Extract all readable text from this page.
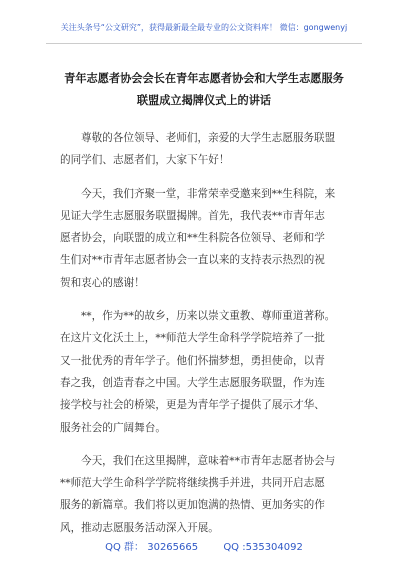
关注头条号“公文研究”，获得最新最全最专业的公文资料库！ 微信：gongwenyj
青年志愿者协会会长在青年志愿者协会和大学生志愿服务
联盟成立揭牌仪式上的讲话
尊敬的各位领导、老师们，亲爱的大学生志愿服务联盟
的同学们、志愿者们，大家下午好！
今天，我们齐聚一堂，非常荣幸受邀来到**生科院，来
见证大学生志愿服务联盟揭牌。首先，我代表**市青年志
愿者协会，向联盟的成立和**生科院各位领导、老师和学
生们对**市青年志愿者协会一直以来的支持表示热烈的祝
贺和衷心的感谢！
**，作为**的故乡，历来以崇文重教、尊师重道著称。
在这片文化沃土上，**师范大学生命科学学院培养了一批
又一批优秀的青年学子。他们怀揣梦想，勇担使命，以青
春之我，创造青春之中国。大学生志愿服务联盟，作为连
接学校与社会的桥梁，更是为青年学子提供了展示才华、
服务社会的广阔舞台。
今天，我们在这里揭牌，意味着**市青年志愿者协会与
**师范大学生命科学学院将继续携手并进，共同开启志愿
服务的新篇章。我们将以更加饱满的热情、更加务实的作
风，推动志愿服务活动深入开展。
QQ 群： 30265665	QQ :535304092
